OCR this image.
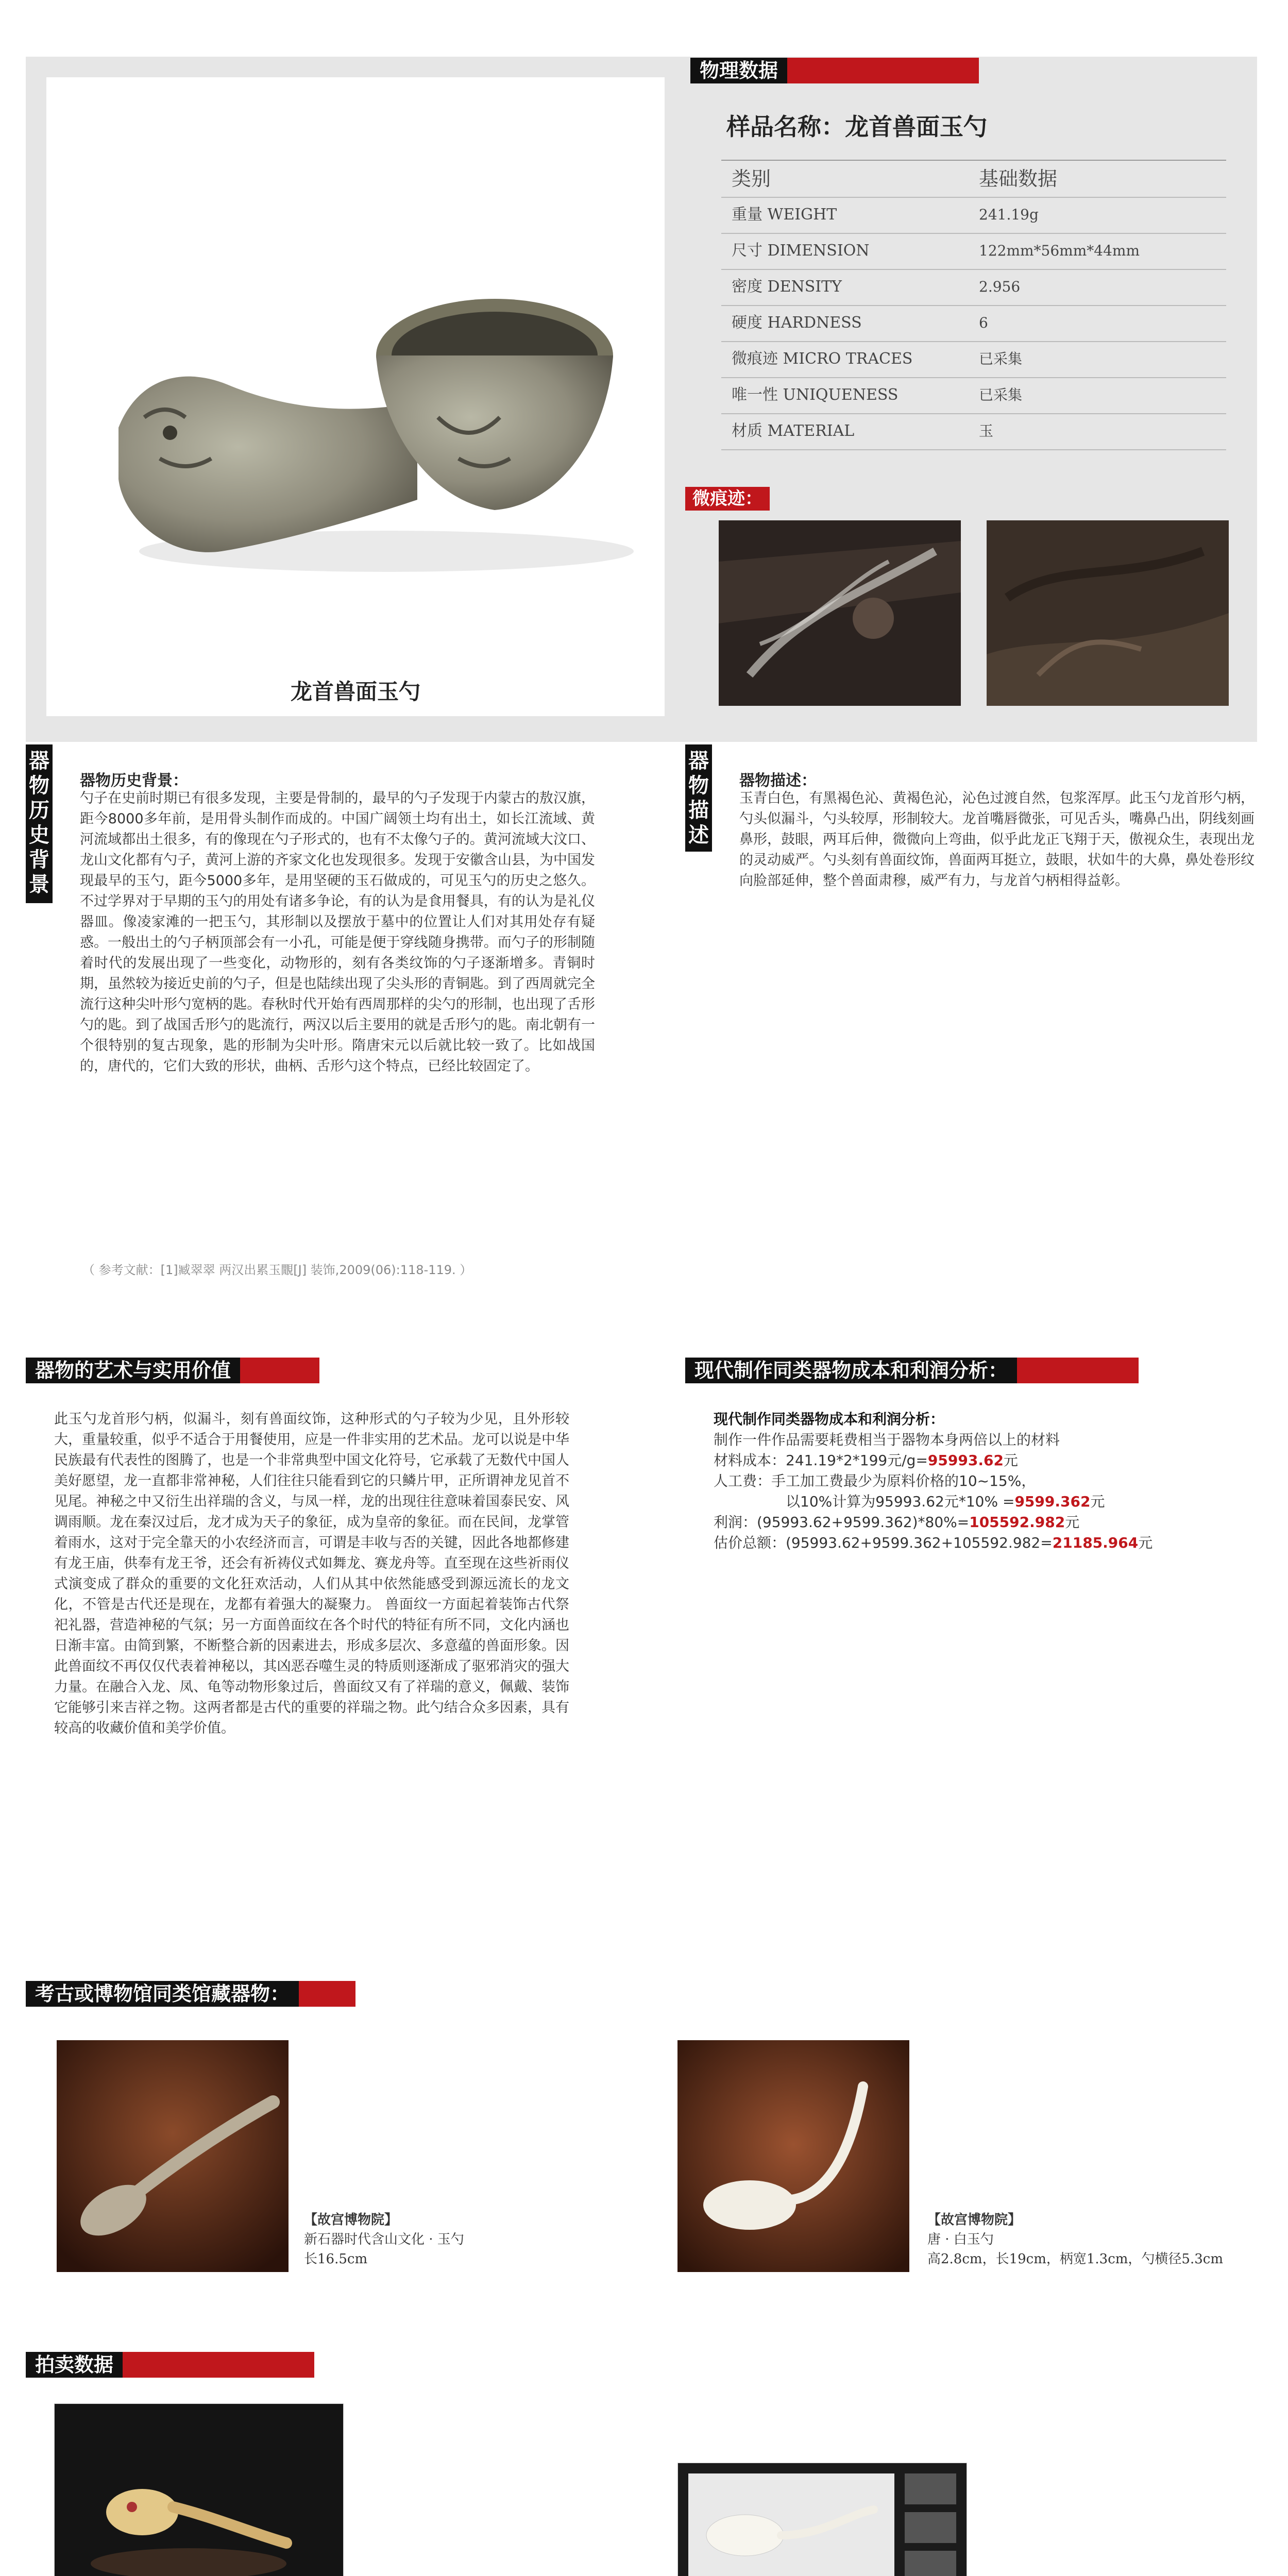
龙首兽面玉勺
物理数据
样品名称：龙首兽面玉勺
类别	基础数据
重量 WEIGHT	241.19g
尺寸 DIMENSION	122mm*56mm*44mm
密度 DENSITY	2.956
硬度 HARDNESS	6
微痕迹 MICRO TRACES	已采集
唯一性 UNIQUENESS	已采集
材质 MATERIAL	玉
微痕迹：
器物历史背景
器物历史背景：
勺子在史前时期已有很多发现，主要是骨制的，最早的勺子发现于内蒙古的敖汉旗，距今8000多年前，是用骨头制作而成的。中国广阔领土均有出土，如长江流域、黄河流域都出土很多，有的像现在勺子形式的，也有不太像勺子的。黄河流域大汶口、龙山文化都有勺子，黄河上游的齐家文化也发现很多。发现于安徽含山县，为中国发现最早的玉勺，距今5000多年，是用坚硬的玉石做成的，可见玉勺的历史之悠久。不过学界对于早期的玉勺的用处有诸多争论，有的认为是食用餐具，有的认为是礼仪器皿。像凌家滩的一把玉勺，其形制以及摆放于墓中的位置让人们对其用处存有疑惑。一般出土的勺子柄顶部会有一小孔，可能是便于穿线随身携带。而勺子的形制随着时代的发展出现了一些变化，动物形的，刻有各类纹饰的勺子逐渐增多。青铜时期，虽然较为接近史前的勺子，但是也陆续出现了尖头形的青铜匙。到了西周就完全流行这种尖叶形勺宽柄的匙。春秋时代开始有西周那样的尖勺的形制，也出现了舌形勺的匙。到了战国舌形勺的匙流行，两汉以后主要用的就是舌形勺的匙。南北朝有一个很特别的复古现象，匙的形制为尖叶形。隋唐宋元以后就比较一致了。比如战国的，唐代的，它们大致的形状，曲柄、舌形勺这个特点，已经比较固定了。
（ 参考文献：[1]臧翠翠 两汉出累玉覵[J] 装饰,2009(06):118-119. ）
器物描述
器物描述：
玉青白色，有黑褐色沁、黄褐色沁，沁色过渡自然，包浆浑厚。此玉勺龙首形勺柄，勺头似漏斗，勺头较厚，形制较大。龙首嘴唇微张，可见舌头，嘴鼻凸出，阴线刻画鼻形，鼓眼，两耳后伸，微微向上弯曲，似乎此龙正飞翔于天，傲视众生，表现出龙的灵动威严。勺头刻有兽面纹饰，兽面两耳挺立，鼓眼，状如牛的大鼻，鼻处卷形纹向脸部延伸，整个兽面肃穆，威严有力，与龙首勺柄相得益彰。
器物的艺术与实用价值
此玉勺龙首形勺柄，似漏斗，刻有兽面纹饰，这种形式的勺子较为少见，且外形较大，重量较重，似乎不适合于用餐使用，应是一件非实用的艺术品。龙可以说是中华民族最有代表性的图腾了，也是一个非常典型中国文化符号，它承载了无数代中国人美好愿望，龙一直都非常神秘，人们往往只能看到它的只鳞片甲，正所谓神龙见首不见尾。神秘之中又衍生出祥瑞的含义，与凤一样，龙的出现往往意味着国泰民安、风调雨顺。龙在秦汉过后，龙才成为天子的象征，成为皇帝的象征。而在民间，龙掌管着雨水，这对于完全靠天的小农经济而言，可谓是丰收与否的关键，因此各地都修建有龙王庙，供奉有龙王爷，还会有祈祷仪式如舞龙、赛龙舟等。直至现在这些祈雨仪式演变成了群众的重要的文化狂欢活动，人们从其中依然能感受到源远流长的龙文化，不管是古代还是现在，龙都有着强大的凝聚力。 兽面纹一方面起着装饰古代祭祀礼器，营造神秘的气氛；另一方面兽面纹在各个时代的特征有所不同，文化内涵也日渐丰富。由简到繁，不断整合新的因素进去，形成多层次、多意蕴的兽面形象。因此兽面纹不再仅仅代表着神秘以，其凶恶吞噬生灵的特质则逐渐成了驱邪消灾的强大力量。在融合入龙、凤、龟等动物形象过后，兽面纹又有了祥瑞的意义，佩戴、装饰它能够引来吉祥之物。这两者都是古代的重要的祥瑞之物。此勺结合众多因素，具有较高的收藏价值和美学价值。
现代制作同类器物成本和利润分析：
现代制作同类器物成本和利润分析：
制作一件作品需要耗费相当于器物本身两倍以上的材料
材料成本：241.19*2*199元/g=95993.62元
人工费：手工加工费最少为原料价格的10~15%，
以10%计算为95993.62元*10% =9599.362元
利润：(95993.62+9599.362)*80%=105592.982元
估价总额：(95993.62+9599.362+105592.982=21185.964元
考古或博物馆同类馆藏器物：
【故宫博物院】
新石器时代含山文化 · 玉勺
长16.5cm
【故宫博物院】
唐 · 白玉勺
高2.8cm，长19cm，柄宽1.3cm，勺横径5.3cm
拍卖数据
